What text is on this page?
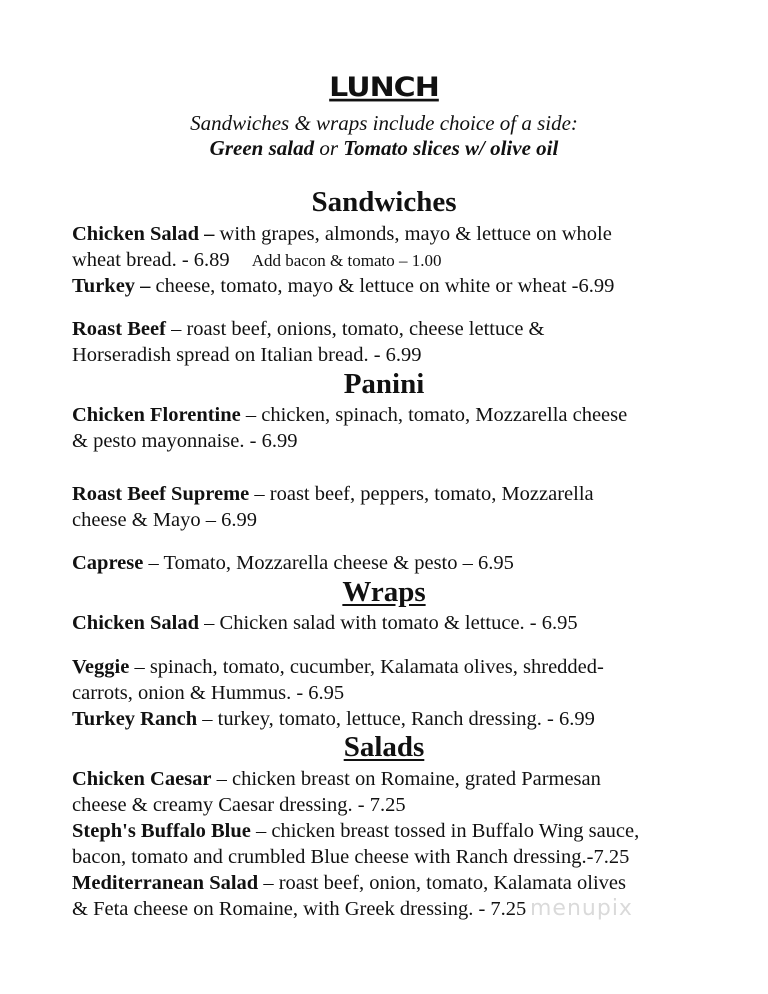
LUNCH
Sandwiches & wraps include choice of a side:
Green salad or Tomato slices w/ olive oil
Sandwiches
Chicken Salad – with grapes, almonds, mayo & lettuce on whole
wheat bread. - 6.89 Add bacon & tomato – 1.00
Turkey – cheese, tomato, mayo & lettuce on white or wheat -6.99
Roast Beef – roast beef, onions, tomato, cheese lettuce &
Horseradish spread on Italian bread. - 6.99
Panini
Chicken Florentine – chicken, spinach, tomato, Mozzarella cheese
& pesto mayonnaise. - 6.99
Roast Beef Supreme – roast beef, peppers, tomato, Mozzarella
cheese & Mayo – 6.99
Caprese – Tomato, Mozzarella cheese & pesto – 6.95
Wraps
Chicken Salad – Chicken salad with tomato & lettuce. - 6.95
Veggie – spinach, tomato, cucumber, Kalamata olives, shredded-
carrots, onion & Hummus. - 6.95
Turkey Ranch – turkey, tomato, lettuce, Ranch dressing. - 6.99
Salads
Chicken Caesar – chicken breast on Romaine, grated Parmesan
cheese & creamy Caesar dressing. - 7.25
Steph's Buffalo Blue – chicken breast tossed in Buffalo Wing sauce,
bacon, tomato and crumbled Blue cheese with Ranch dressing.-7.25
Mediterranean Salad – roast beef, onion, tomato, Kalamata olives
& Feta cheese on Romaine, with Greek dressing. - 7.25 menupix
